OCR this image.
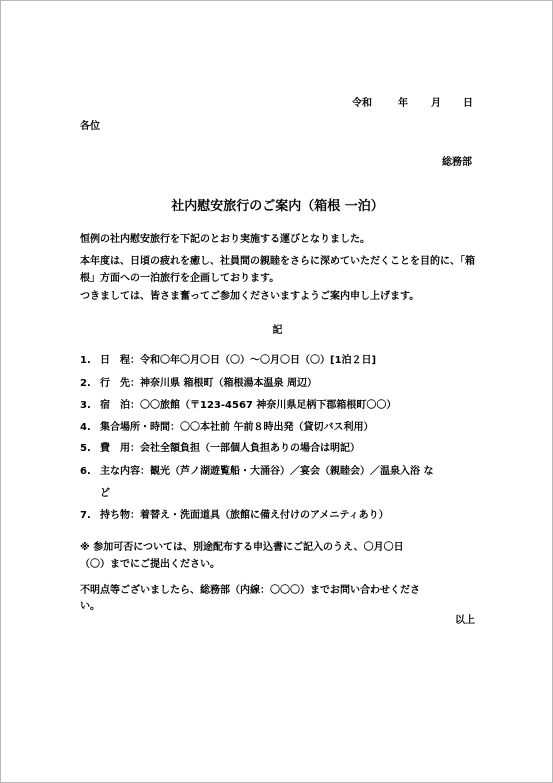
令和	年 月 日
各位
総務部
社内慰安旅行のご案内（箱根 一泊）
恒例の社内慰安旅行を下記のとおり実施する運びとなりました。
本年度は、日頃の疲れを癒し、社員間の親睦をさらに深めていただくことを目的に、「箱根」方面への一泊旅行を企画しております。
つきましては、皆さま奮ってご参加くださいますようご案内申し上げます。
記
1. 日　程：令和〇年〇月〇日（〇）～〇月〇日（〇）[1泊２日]
2. 行　先：神奈川県 箱根町（箱根湯本温泉 周辺）
3. 宿　泊：〇〇旅館（〒123-4567 神奈川県足柄下郡箱根町〇〇）
4. 集合場所・時間：〇〇本社前 午前８時出発（貸切バス利用）
5. 費　用：会社全額負担（一部個人負担ありの場合は明記）
6. 主な内容：観光（芦ノ湖遊覧船・大涌谷）／宴会（親睦会）／温泉入浴 な
ど
7. 持ち物：着替え・洗面道具（旅館に備え付けのアメニティあり）
※ 参加可否については、別途配布する申込書にご記入のうえ、〇月〇日
（〇）までにご提出ください。
不明点等ございましたら、総務部（内線：〇〇〇）までお問い合わせくださ
い。
以上
